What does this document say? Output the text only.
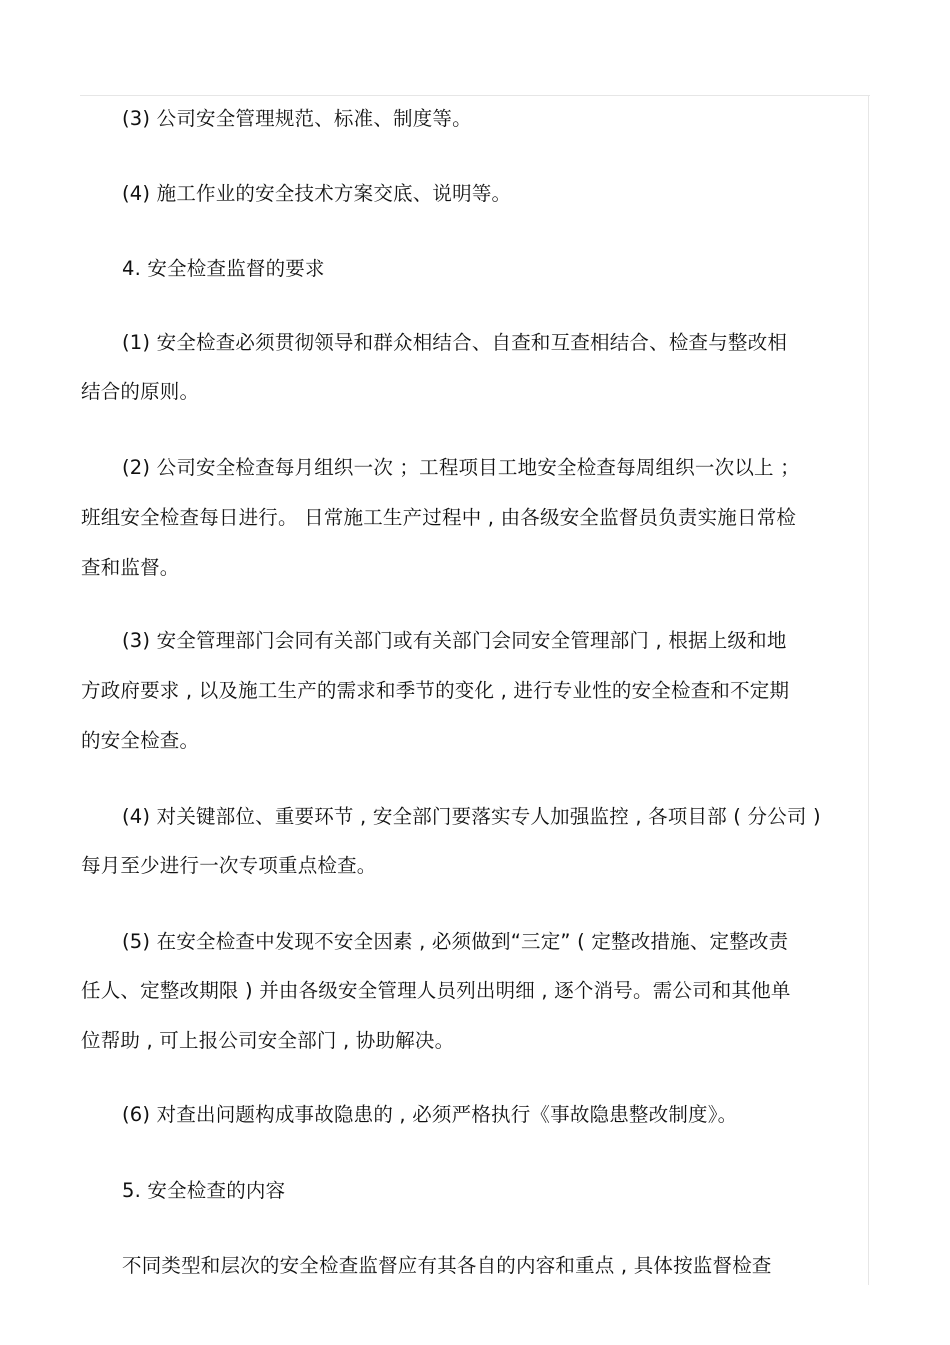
(3) 公司安全管理规范、标准、制度等。
(4) 施工作业的安全技术方案交底、说明等。
4. 安全检查监督的要求
(1) 安全检查必须贯彻领导和群众相结合、自查和互查相结合、检查与整改相
结合的原则。
(2) 公司安全检查每月组织一次 ；工程项目工地安全检查每周组织一次以上 ；
班组安全检查每日进行。 日常施工生产过程中 , 由各级安全监督员负责实施日常检
查和监督。
(3) 安全管理部门会同有关部门或有关部门会同安全管理部门 , 根据上级和地
方政府要求 , 以及施工生产的需求和季节的变化 , 进行专业性的安全检查和不定期
的安全检查。
(4) 对关键部位、重要环节 , 安全部门要落实专人加强监控 , 各项目部 ( 分公司 )
每月至少进行一次专项重点检查。
(5) 在安全检查中发现不安全因素 , 必须做到“三定” ( 定整改措施、定整改责
任人、定整改期限 ) 并由各级安全管理人员列出明细 , 逐个消号。需公司和其他单
位帮助 , 可上报公司安全部门 , 协助解决。
(6) 对查出问题构成事故隐患的 , 必须严格执行《事故隐患整改制度》。
5. 安全检查的内容
不同类型和层次的安全检查监督应有其各自的内容和重点 , 具体按监督检查
